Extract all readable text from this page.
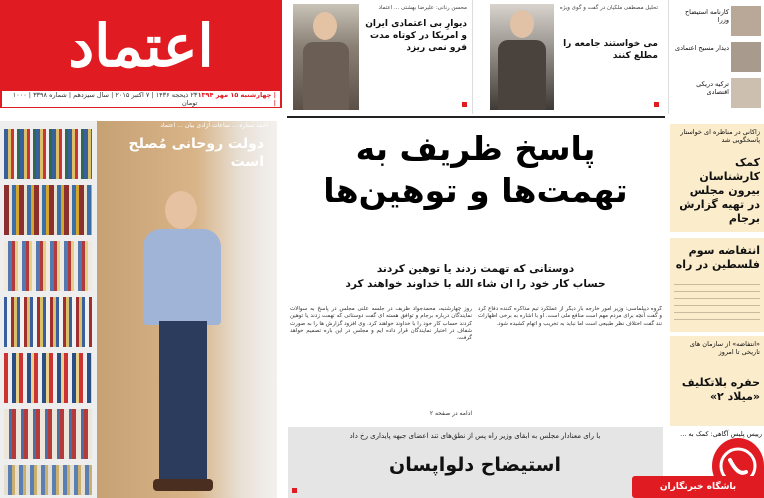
اعتماد
| چهارشنبه ۱۵ مهر ۱۳۹۴ |
۲۳ ذیحجه ۱۴۳۶ | ۷ اکتبر ۲۰۱۵ | سال سیزدهم | شماره ۳۳۹۸ | ۱۰۰۰ تومان
محسن رنانی: علیرضا بهشتی ... اعتماد
دیوارِ بی اعتمادی ایران و امریکا در کوتاه مدت فرو نمی ریزد
تحلیل مصطفی ملکیان در گفت و گوی ویژه
می خواستند جامعه را مطلع کنند
کارنامه استیضاح وزرا
دیدار مسیح اعتمادی
ترکیه دریکی اقتصادی
احمد ستاره ... ساعات آزادی بیان ... اعتماد
دولت روحانی مُصلح است	پاسخ ظریف به
تهمت‌ها و توهین‌ها
دوستانی که تهمت زدند یا توهین کردند
حساب کار خود را ان شاء الله با خداوند خواهند کرد
گروه دیپلماسی: وزیر امور خارجه بار دیگر از عملکرد تیم مذاکره کننده دفاع کرد و گفت آنچه برای مردم مهم است منافع ملی است. او با اشاره به برخی اظهارات تند گفت اختلاف نظر طبیعی است اما نباید به تخریب و اتهام کشیده شود.
روز چهارشنبه، محمدجواد ظریف در جلسه علنی مجلس در پاسخ به سوالات نمایندگان درباره برجام و توافق هسته ای گفت دوستانی که تهمت زدند یا توهین کردند حساب کار خود را با خداوند خواهند کرد. وی افزود گزارش ها را به صورت شفاف در اختیار نمایندگان قرار داده ایم و مجلس در این باره تصمیم خواهد گرفت.
ادامه در صفحه ۲
با رای معنادار مجلس به ابقای وزیر راه پس از نطق‌های تند اعضای جبهه پایداری رخ داد
استیضاح دلواپسان
زاکانی در مناظره ای خواستار پاسخگویی شد
کمک کارشناسان بیرون مجلس در تهیه گزارش برجام
انتفاضه سوم فلسطین در راه
«انتفاضه» از سازمان های تاریخی تا امروز
حفره بلاتکلیف «میلاد ۲»
رییس پلیس آگاهی: کمک به ...
باشگاه خبرنگاران
